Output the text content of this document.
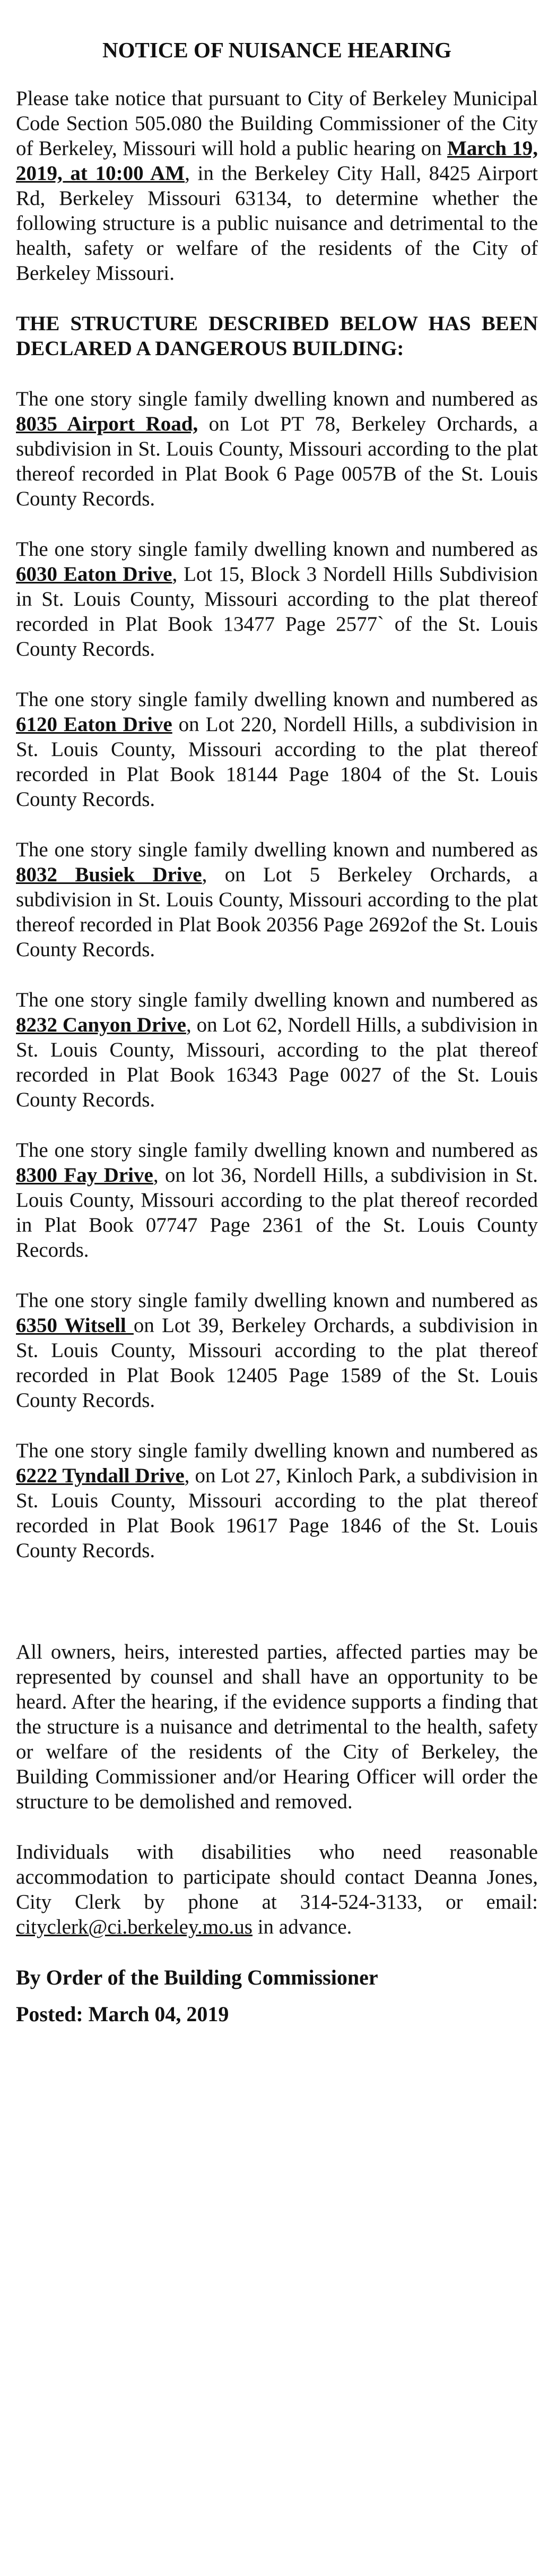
NOTICE OF NUISANCE HEARING

Please take notice that pursuant to City of Berkeley Municipal Code Section 505.080 the Building Commissioner of the City of Berkeley, Missouri will hold a public hearing on March 19, 2019, at 10:00 AM, in the Berkeley City Hall, 8425 Airport Rd, Berkeley Missouri 63134, to determine whether the following structure is a public nuisance and detrimental to the health, safety or welfare of the residents of the City of Berkeley Missouri.

THE STRUCTURE DESCRIBED BELOW HAS BEEN DECLARED A DANGEROUS BUILDING:

The one story single family dwelling known and numbered as 8035 Airport Road, on Lot PT 78, Berkeley Orchards, a subdivision in St. Louis County, Missouri according to the plat thereof recorded in Plat Book 6 Page 0057B of the St. Louis County Records.

The one story single family dwelling known and numbered as 6030 Eaton Drive, Lot 15, Block 3 Nordell Hills Subdivision in St. Louis County, Missouri according to the plat thereof recorded in Plat Book 13477 Page 2577` of the St. Louis County Records.

The one story single family dwelling known and numbered as 6120 Eaton Drive on Lot 220, Nordell Hills, a subdivision in St. Louis County, Missouri according to the plat thereof recorded in Plat Book 18144 Page 1804 of the St. Louis County Records.

The one story single family dwelling known and numbered as 8032 Busiek Drive, on Lot 5 Berkeley Orchards, a subdivision in St. Louis County, Missouri according to the plat thereof recorded in Plat Book 20356 Page 2692of the St. Louis County Records.

The one story single family dwelling known and numbered as 8232 Canyon Drive, on Lot 62, Nordell Hills, a subdivision in St. Louis County, Missouri, according to the plat thereof recorded in Plat Book 16343 Page 0027 of the St. Louis County Records.

The one story single family dwelling known and numbered as 8300 Fay Drive, on lot 36, Nordell Hills, a subdivision in St. Louis County, Missouri according to the plat thereof recorded in Plat Book 07747 Page 2361 of the St. Louis County Records.

The one story single family dwelling known and numbered as 6350 Witsell on Lot 39, Berkeley Orchards, a subdivision in St. Louis County, Missouri according to the plat thereof recorded in Plat Book 12405 Page 1589 of the St. Louis County Records.

The one story single family dwelling known and numbered as 6222 Tyndall Drive, on Lot 27, Kinloch Park, a subdivision in St. Louis County, Missouri according to the plat thereof recorded in Plat Book 19617 Page 1846 of the St. Louis County Records.

All owners, heirs, interested parties, affected parties may be represented by counsel and shall have an opportunity to be heard. After the hearing, if the evidence supports a finding that the structure is a nuisance and detrimental to the health, safety or welfare of the residents of the City of Berkeley, the Building Commissioner and/or Hearing Officer will order the structure to be demolished and removed.

Individuals with disabilities who need reasonable accommodation to participate should contact Deanna Jones, City Clerk by phone at 314-524-3133, or email: cityclerk@ci.berkeley.mo.us in advance.

By Order of the Building Commissioner
Posted: March 04, 2019
